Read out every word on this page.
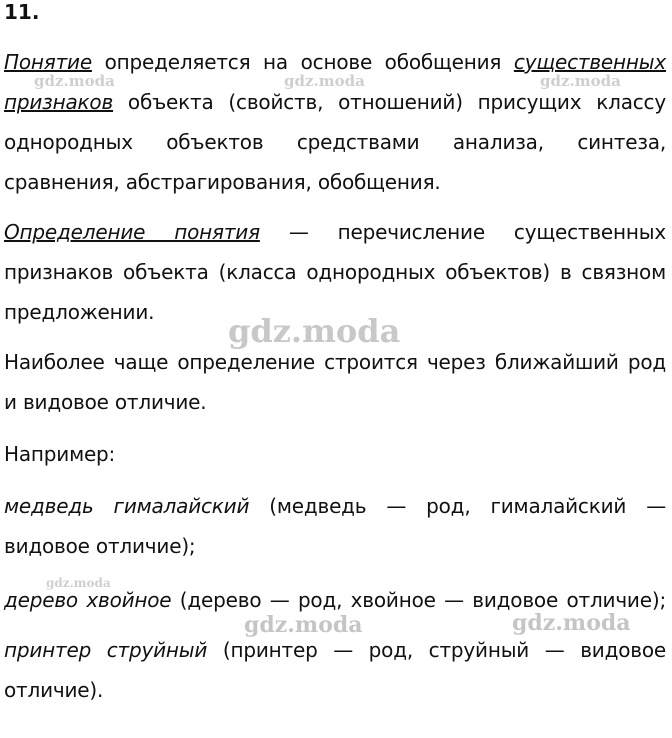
11.
Понятие определяется на основе обобщения существенных
признаков объекта (свойств, отношений) присущих классу
однородных объектов средствами анализа, синтеза,
сравнения, абстрагирования, обобщения.
Определение понятия — перечисление существенных
признаков объекта (класса однородных объектов) в связном
предложении.
Наиболее чаще определение строится через ближайший род
и видовое отличие.
Например:
медведь гималайский (медведь — род, гималайский —
видовое отличие);
дерево хвойное (дерево — род, хвойное — видовое отличие);
принтер струйный (принтер — род, струйный — видовое
отличие).
gdz.moda	gdz.moda	gdz.moda
gdz.moda
gdz.moda
gdz.moda	gdz.moda
